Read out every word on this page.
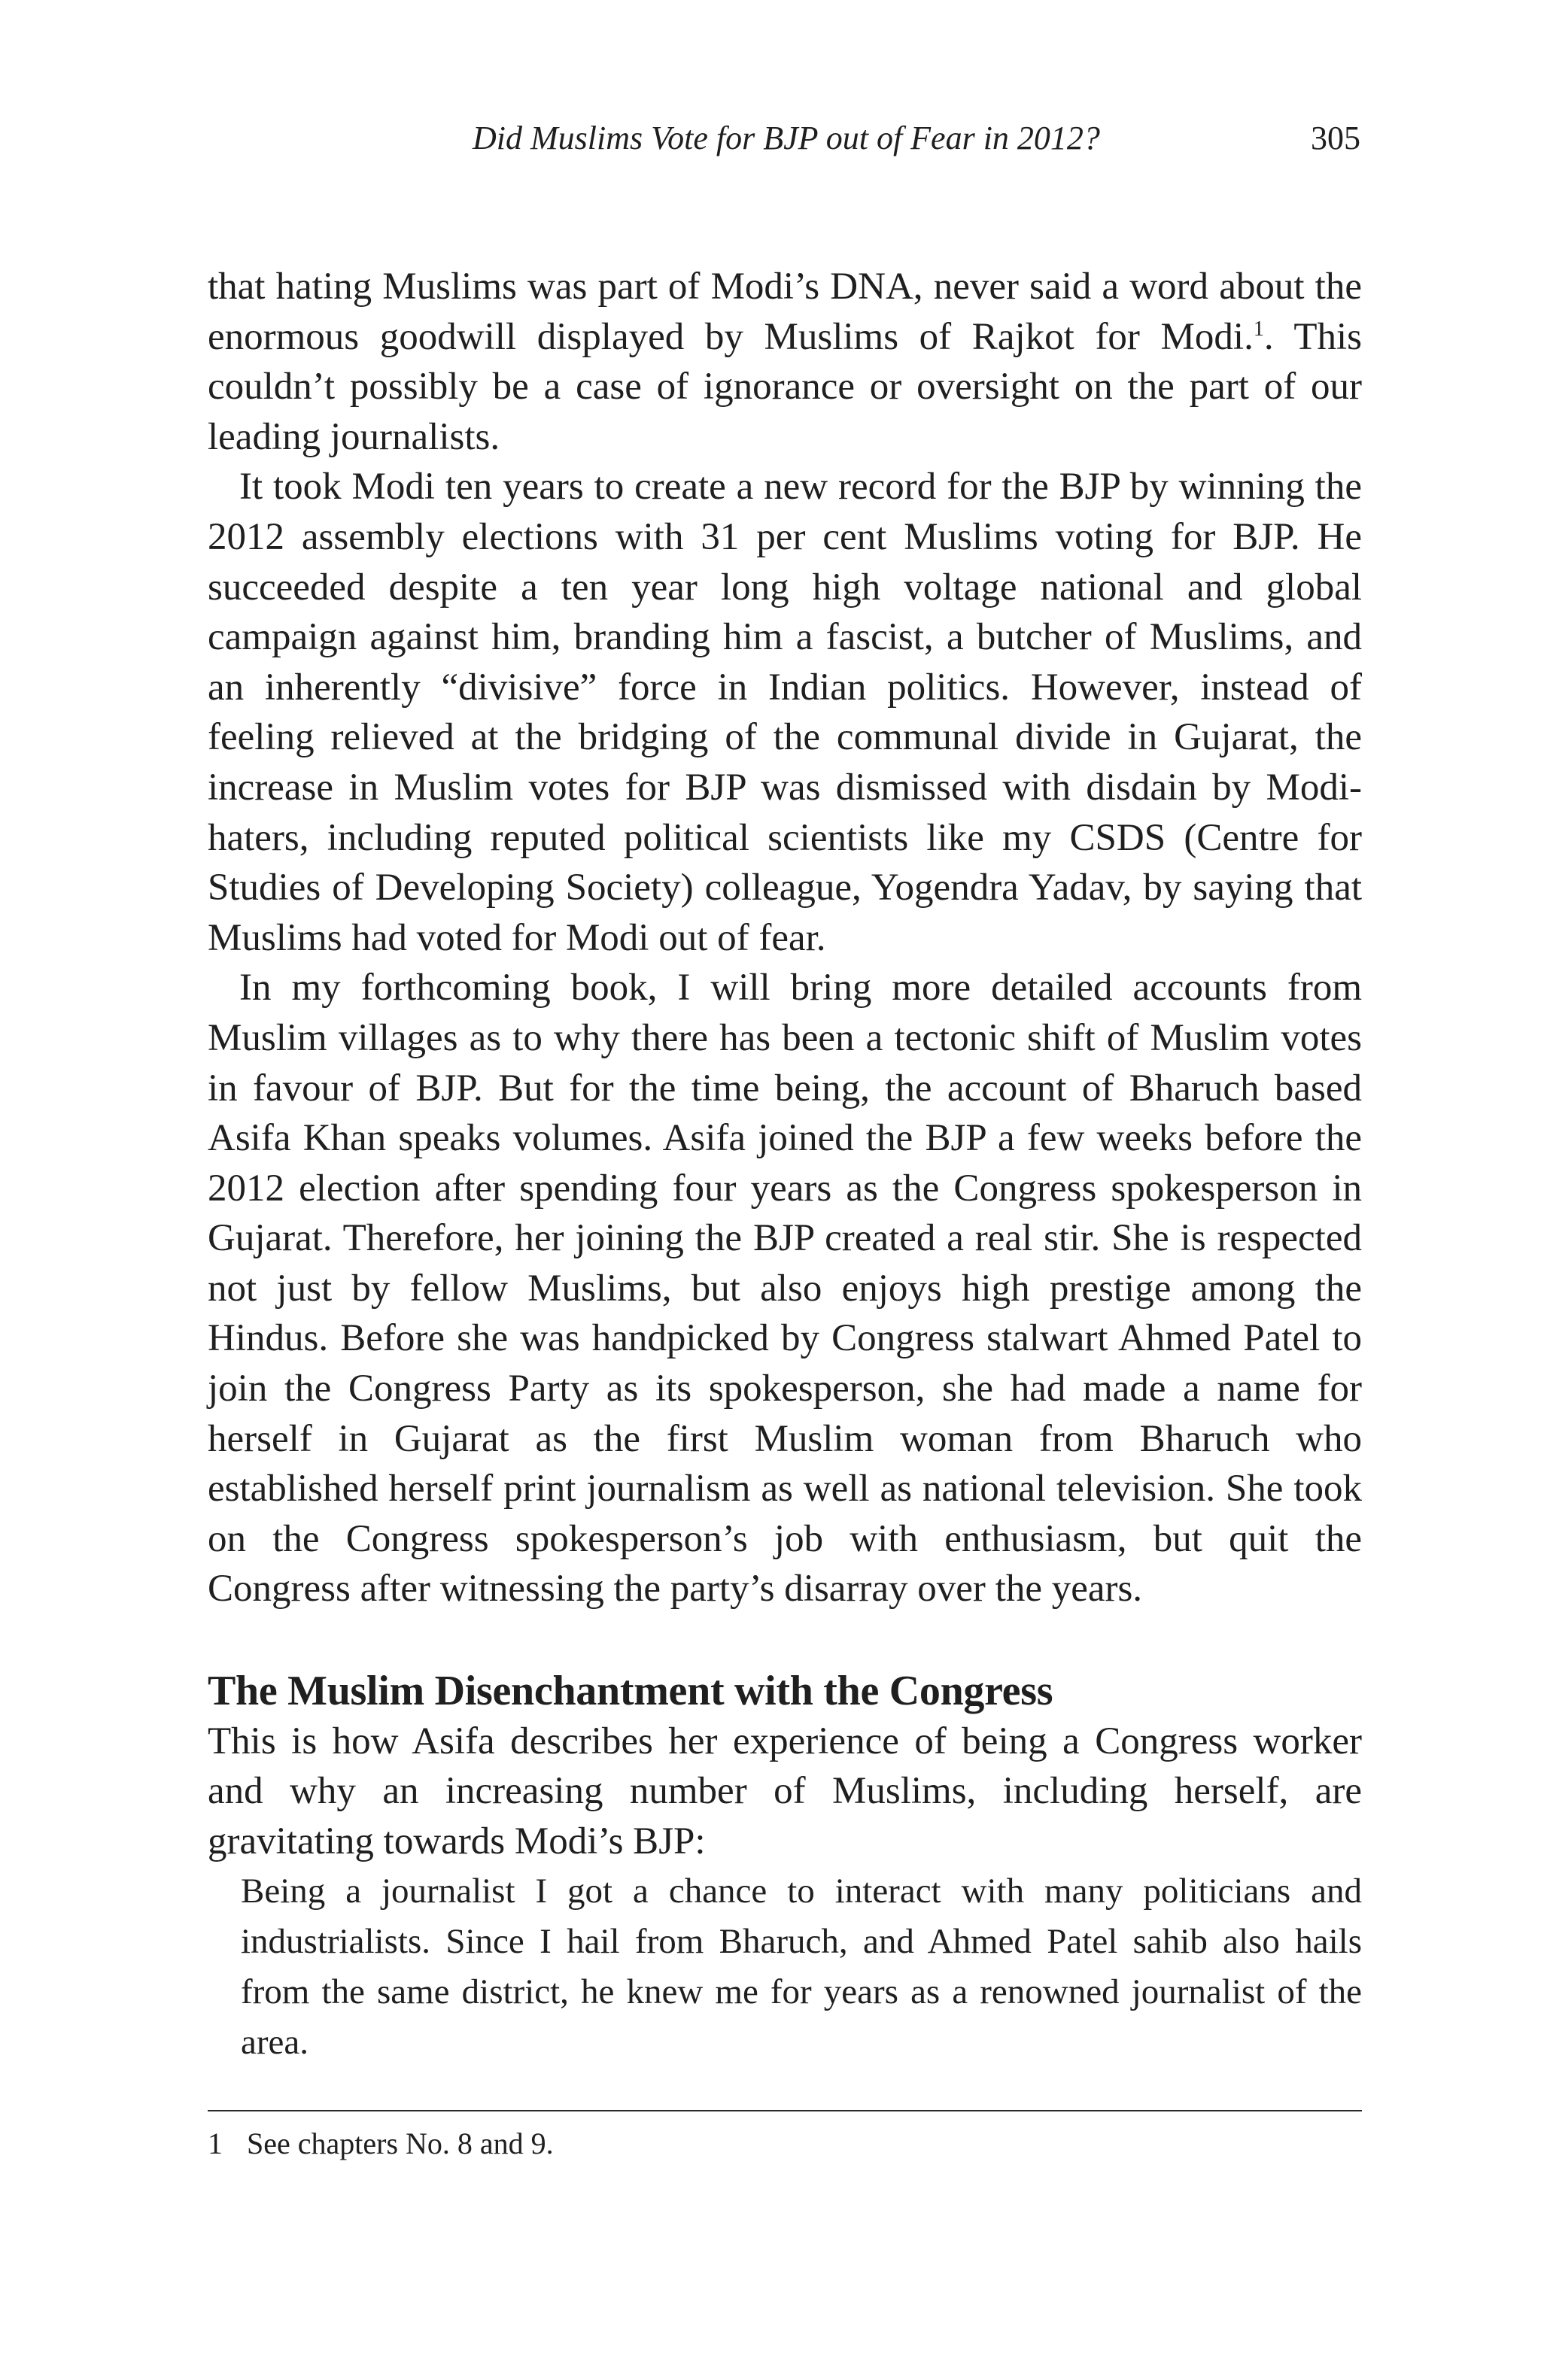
Did Muslims Vote for BJP out of Fear in 2012?	305

that hating Muslims was part of Modi’s DNA, never said a word about the enormous goodwill displayed by Muslims of Rajkot for Modi.$^1$. This couldn’t possibly be a case of ignorance or oversight on the part of our leading journalists.

It took Modi ten years to create a new record for the BJP by winning the 2012 assembly elections with 31 per cent Muslims voting for BJP. He succeeded despite a ten year long high voltage national and global campaign against him, branding him a fascist, a butcher of Muslims, and an inherently “divisive” force in Indian politics. However, instead of feeling relieved at the bridging of the communal divide in Gujarat, the increase in Muslim votes for BJP was dismissed with disdain by Modi-haters, including reputed political scientists like my CSDS (Centre for Studies of Developing Society) colleague, Yogendra Yadav, by saying that Muslims had voted for Modi out of fear.

In my forthcoming book, I will bring more detailed accounts from Muslim villages as to why there has been a tectonic shift of Muslim votes in favour of BJP. But for the time being, the account of Bharuch based Asifa Khan speaks volumes. Asifa joined the BJP a few weeks before the 2012 election after spending four years as the Congress spokesperson in Gujarat. Therefore, her joining the BJP created a real stir. She is respected not just by fellow Muslims, but also enjoys high prestige among the Hindus. Before she was handpicked by Congress stalwart Ahmed Patel to join the Congress Party as its spokesperson, she had made a name for herself in Gujarat as the first Muslim woman from Bharuch who established herself print journalism as well as national television. She took on the Congress spokesperson’s job with enthusiasm, but quit the Congress after witnessing the party’s disarray over the years.

The Muslim Disenchantment with the Congress

This is how Asifa describes her experience of being a Congress worker and why an increasing number of Muslims, including herself, are gravitating towards Modi’s BJP:

Being a journalist I got a chance to interact with many politicians and industrialists. Since I hail from Bharuch, and Ahmed Patel sahib also hails from the same district, he knew me for years as a renowned journalist of the area.

1 See chapters No. 8 and 9.
